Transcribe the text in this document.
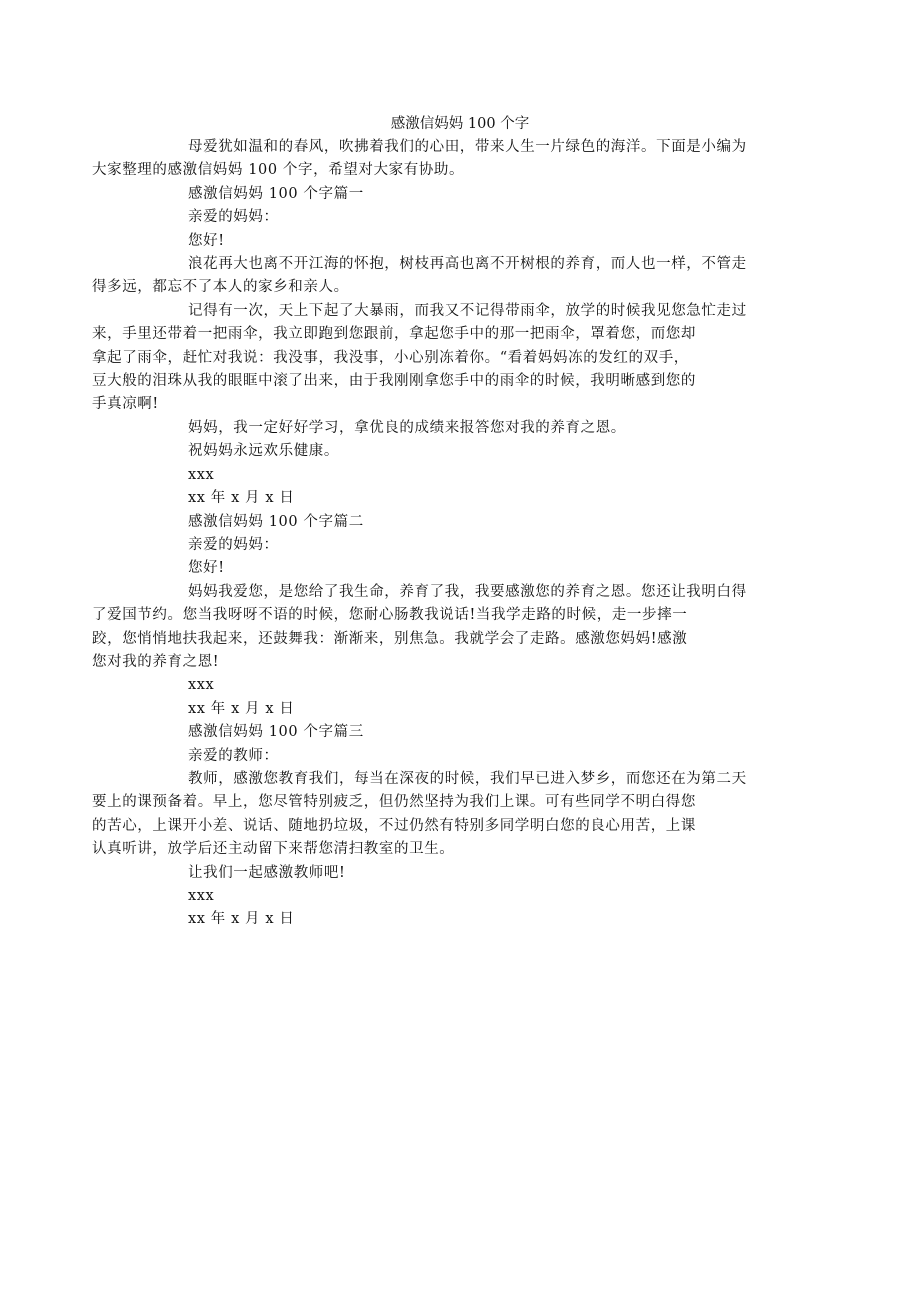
感激信妈妈 100 个字
母爱犹如温和的春风，吹拂着我们的心田，带来人生一片绿色的海洋。下面是小编为
大家整理的感激信妈妈 100 个字，希望对大家有协助。
感激信妈妈 100 个字篇一
亲爱的妈妈：
您好!
浪花再大也离不开江海的怀抱，树枝再高也离不开树根的养育，而人也一样，不管走
得多远，都忘不了本人的家乡和亲人。
记得有一次，天上下起了大暴雨，而我又不记得带雨伞，放学的时候我见您急忙走过
来，手里还带着一把雨伞，我立即跑到您跟前，拿起您手中的那一把雨伞，罩着您，而您却
拿起了雨伞，赶忙对我说：我没事，我没事，小心别冻着你。“看着妈妈冻的发红的双手，
豆大般的泪珠从我的眼眶中滚了出来，由于我刚刚拿您手中的雨伞的时候，我明晰感到您的
手真凉啊!
妈妈，我一定好好学习，拿优良的成绩来报答您对我的养育之恩。
祝妈妈永远欢乐健康。
xxx
xx 年 x 月 x 日
感激信妈妈 100 个字篇二
亲爱的妈妈：
您好!
妈妈我爱您，是您给了我生命，养育了我，我要感激您的养育之恩。您还让我明白得
了爱国节约。您当我呀呀不语的时候，您耐心肠教我说话!当我学走路的时候，走一步摔一
跤，您悄悄地扶我起来，还鼓舞我：渐渐来，别焦急。我就学会了走路。感激您妈妈!感激
您对我的养育之恩!
xxx
xx 年 x 月 x 日
感激信妈妈 100 个字篇三
亲爱的教师：
教师，感激您教育我们，每当在深夜的时候，我们早已进入梦乡，而您还在为第二天
要上的课预备着。早上，您尽管特别疲乏，但仍然坚持为我们上课。可有些同学不明白得您
的苦心，上课开小差、说话、随地扔垃圾，不过仍然有特别多同学明白您的良心用苦，上课
认真听讲，放学后还主动留下来帮您清扫教室的卫生。
让我们一起感激教师吧!
xxx
xx 年 x 月 x 日
